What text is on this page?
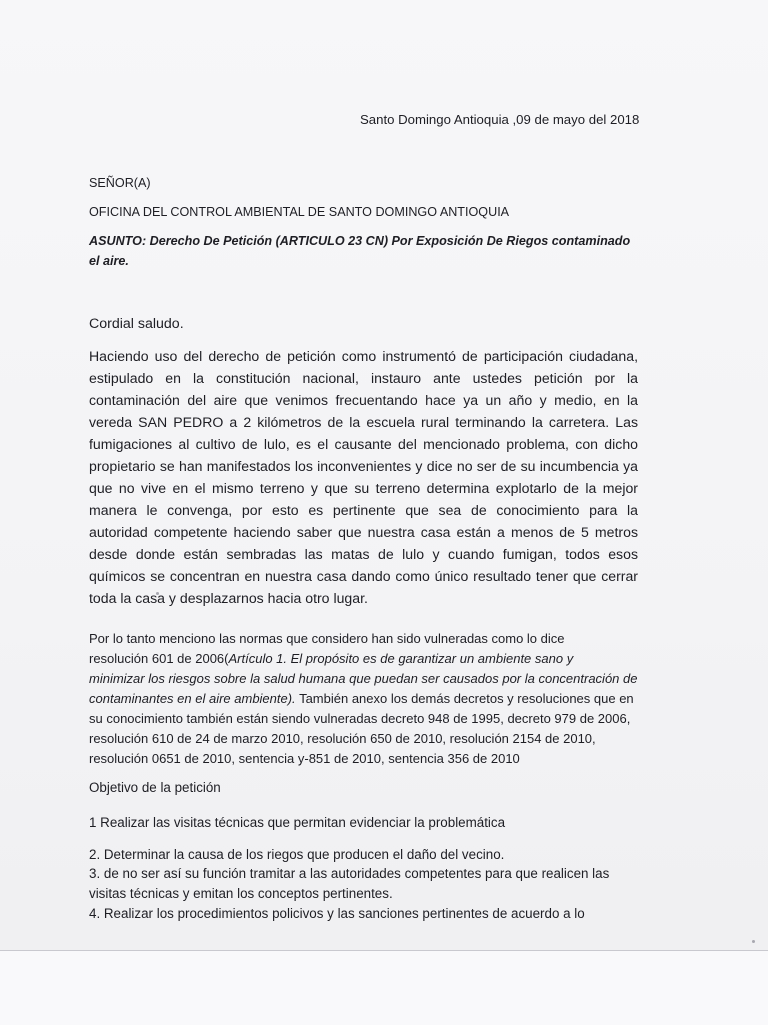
Santo Domingo Antioquia ,09 de mayo del 2018
SEÑOR(A)
OFICINA DEL CONTROL AMBIENTAL DE SANTO DOMINGO ANTIOQUIA
ASUNTO: Derecho De Petición (ARTICULO 23 CN) Por Exposición De Riegos contaminado el aire.
Cordial saludo.
Haciendo uso del derecho de petición como instrumentó de participación ciudadana,
estipulado en la constitución nacional, instauro ante ustedes petición por la
contaminación del aire que venimos frecuentando hace ya un año y medio, en la
vereda SAN PEDRO a 2 kilómetros de la escuela rural terminando la carretera. Las
fumigaciones al cultivo de lulo, es el causante del mencionado problema, con dicho
propietario se han manifestados los inconvenientes y dice no ser de su incumbencia ya
que no vive en el mismo terreno y que su terreno determina explotarlo de la mejor
manera le convenga, por esto es pertinente que sea de conocimiento para la
autoridad competente haciendo saber que nuestra casa están a menos de 5 metros
desde donde están sembradas las matas de lulo y cuando fumigan, todos esos
químicos se concentran en nuestra casa dando como único resultado tener que cerrar
toda la casa y desplazarnos hacia otro lugar.
Por lo tanto menciono las normas que considero han sido vulneradas como lo dice
resolución 601 de 2006(Artículo 1. El propósito es de garantizar un ambiente sano y
minimizar los riesgos sobre la salud humana que puedan ser causados por la concentración de
contaminantes en el aire ambiente). También anexo los demás decretos y resoluciones que en
su conocimiento también están siendo vulneradas decreto 948 de 1995, decreto 979 de 2006,
resolución 610 de 24 de marzo 2010, resolución 650 de 2010, resolución 2154 de 2010,
resolución 0651 de 2010, sentencia y-851 de 2010, sentencia 356 de 2010
Objetivo de la petición
1 Realizar las visitas técnicas que permitan evidenciar la problemática
2. Determinar la causa de los riegos que producen el daño del vecino.
3. de no ser así su función tramitar a las autoridades competentes para que realicen las visitas técnicas y emitan los conceptos pertinentes.
4. Realizar los procedimientos policivos y las sanciones pertinentes de acuerdo a lo
